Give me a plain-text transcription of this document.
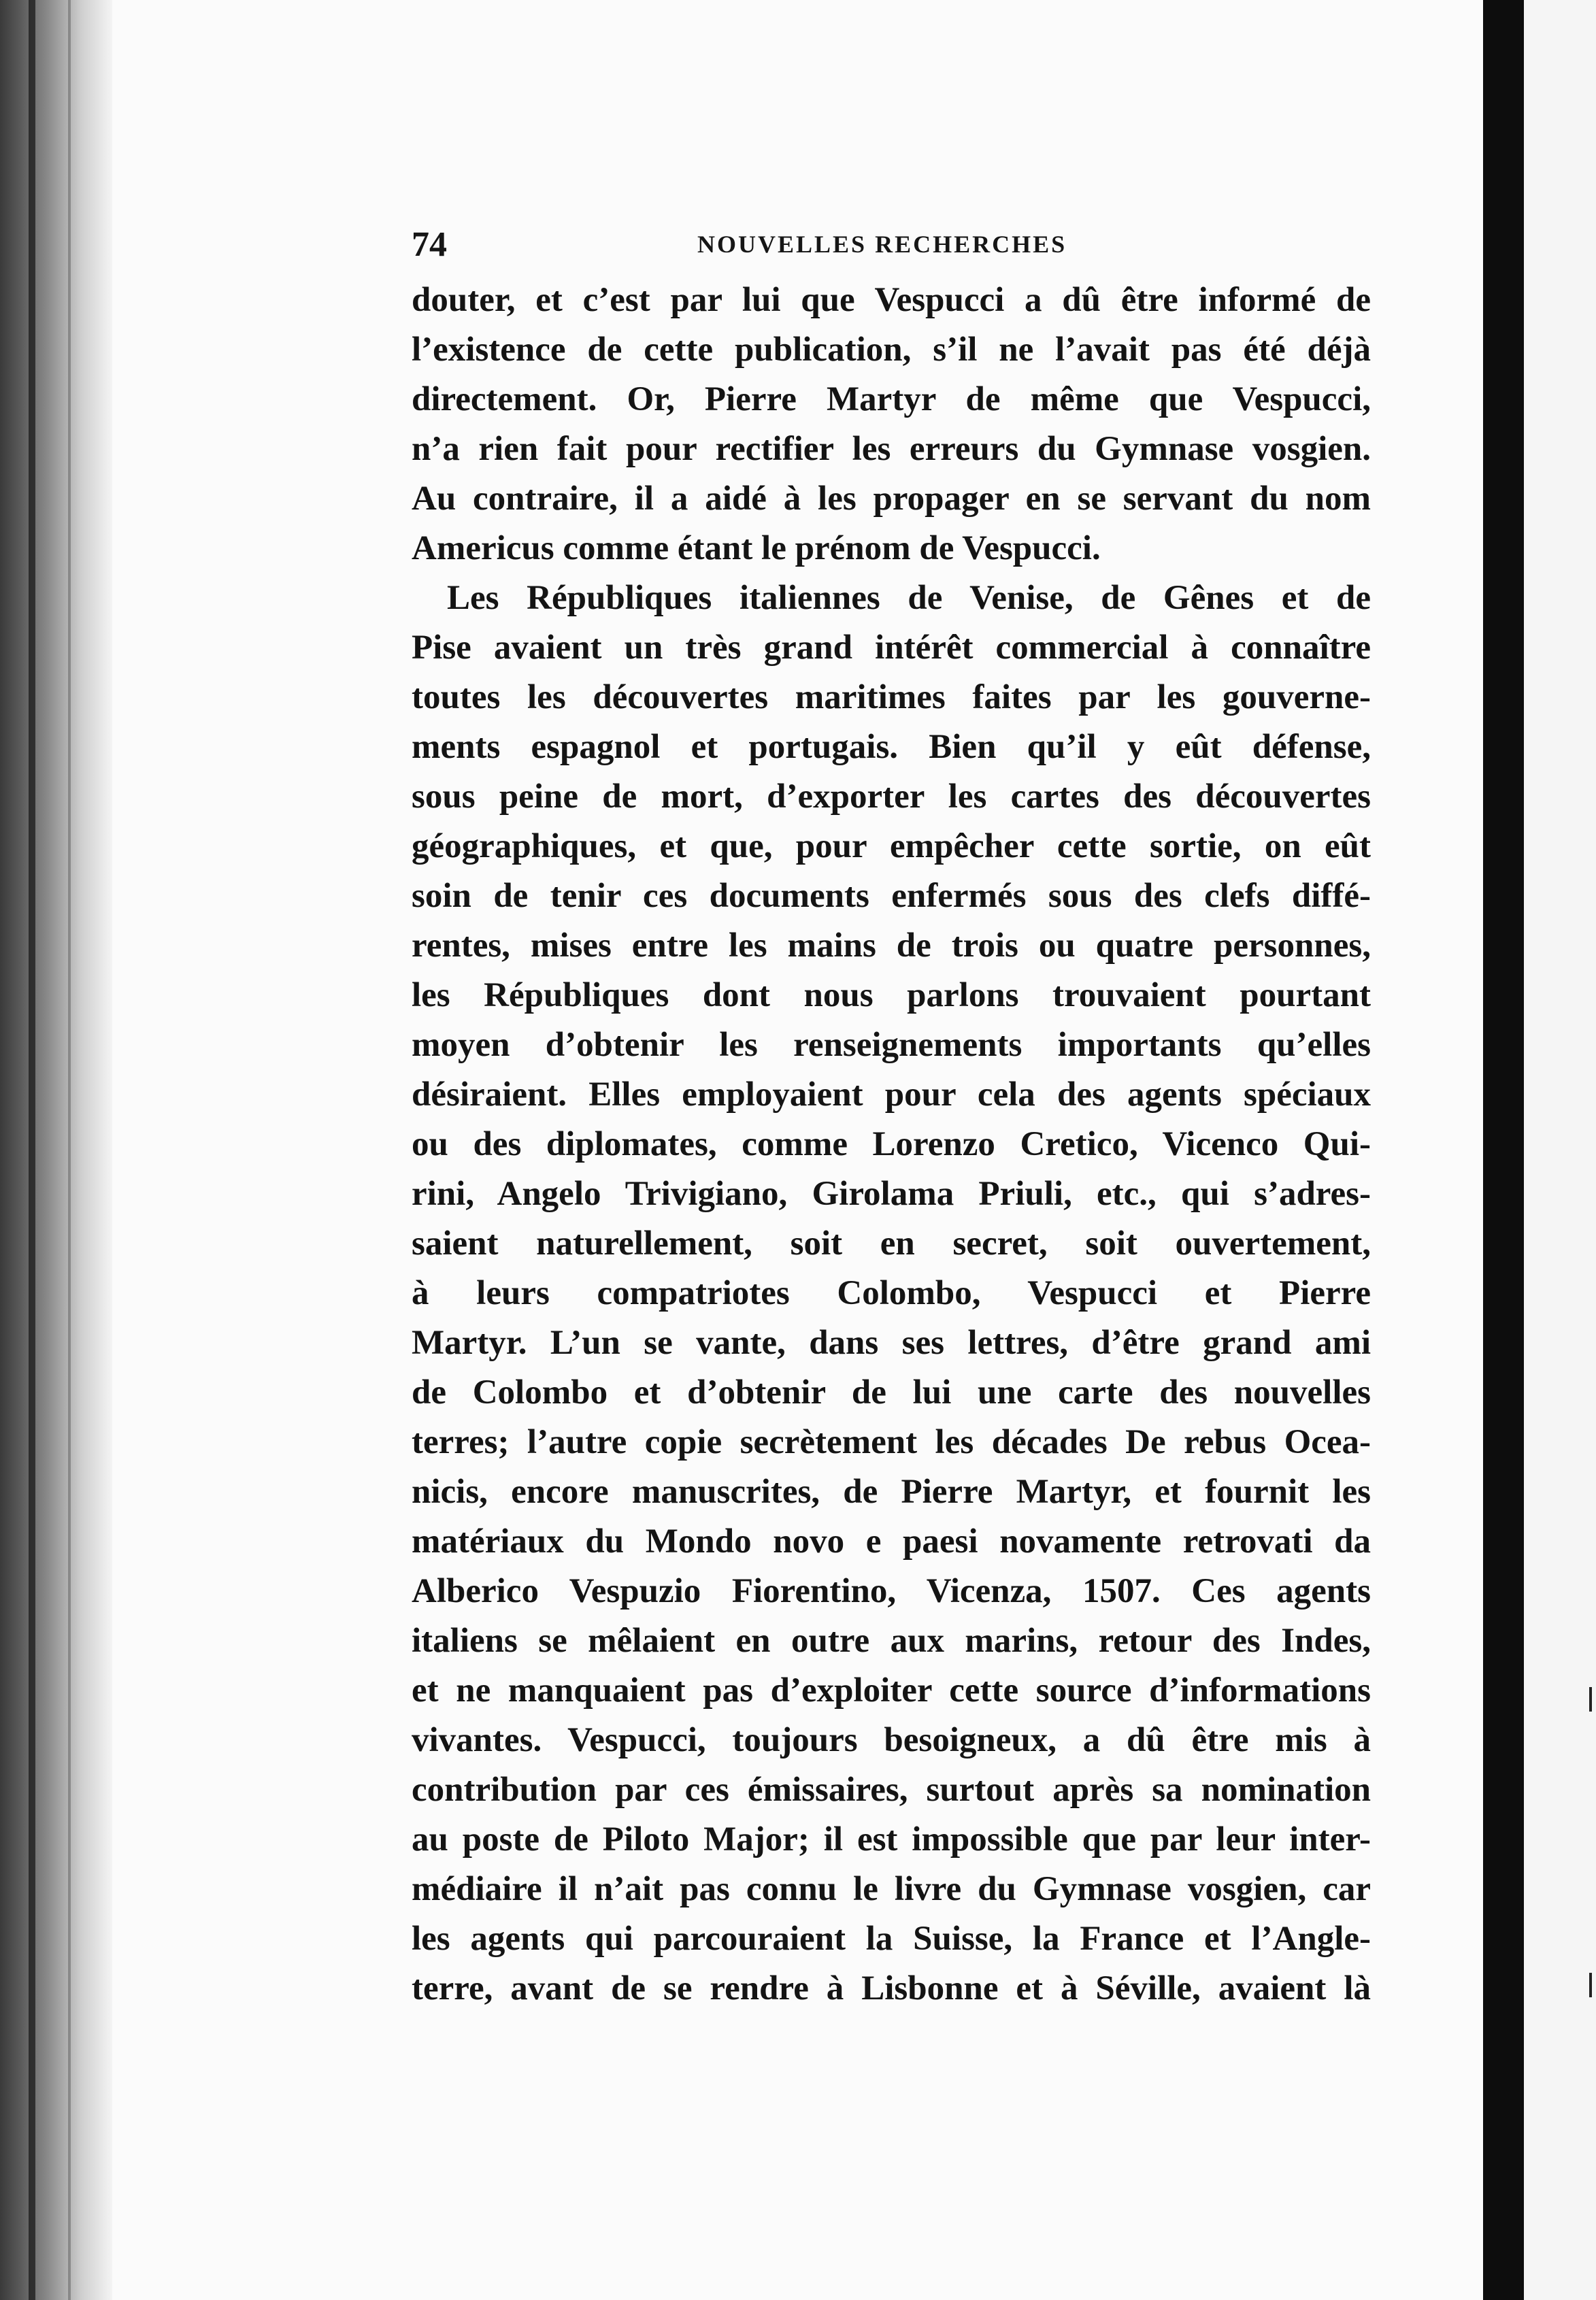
74	NOUVELLES RECHERCHES
douter, et c’est par lui que Vespucci a dû être informé de
l’existence de cette publication, s’il ne l’avait pas été déjà
directement. Or, Pierre Martyr de même que Vespucci,
n’a rien fait pour rectifier les erreurs du Gymnase vosgien.
Au contraire, il a aidé à les propager en se servant du nom
Americus comme étant le prénom de Vespucci.
Les Républiques italiennes de Venise, de Gênes et de
Pise avaient un très grand intérêt commercial à connaître
toutes les découvertes maritimes faites par les gouverne-
ments espagnol et portugais. Bien qu’il y eût défense,
sous peine de mort, d’exporter les cartes des découvertes
géographiques, et que, pour empêcher cette sortie, on eût
soin de tenir ces documents enfermés sous des clefs diffé-
rentes, mises entre les mains de trois ou quatre personnes,
les Républiques dont nous parlons trouvaient pourtant
moyen d’obtenir les renseignements importants qu’elles
désiraient. Elles employaient pour cela des agents spéciaux
ou des diplomates, comme Lorenzo Cretico, Vicenco Qui-
rini, Angelo Trivigiano, Girolama Priuli, etc., qui s’adres-
saient naturellement, soit en secret, soit ouvertement,
à leurs compatriotes Colombo, Vespucci et Pierre
Martyr. L’un se vante, dans ses lettres, d’être grand ami
de Colombo et d’obtenir de lui une carte des nouvelles
terres; l’autre copie secrètement les décades De rebus Ocea-
nicis, encore manuscrites, de Pierre Martyr, et fournit les
matériaux du Mondo novo e paesi novamente retrovati da
Alberico Vespuzio Fiorentino, Vicenza, 1507. Ces agents
italiens se mêlaient en outre aux marins, retour des Indes,
et ne manquaient pas d’exploiter cette source d’informations
vivantes. Vespucci, toujours besoigneux, a dû être mis à
contribution par ces émissaires, surtout après sa nomination
au poste de Piloto Major; il est impossible que par leur inter-
médiaire il n’ait pas connu le livre du Gymnase vosgien, car
les agents qui parcouraient la Suisse, la France et l’Angle-
terre, avant de se rendre à Lisbonne et à Séville, avaient là
